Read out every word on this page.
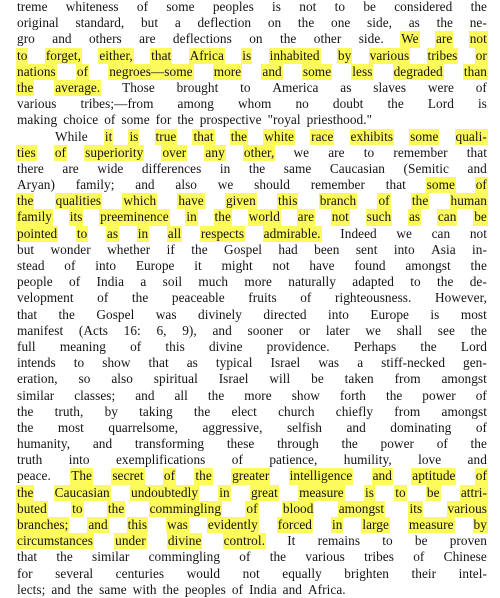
treme whiteness of some peoples is not to be considered the
original standard, but a deflection on the one side, as the ne-
gro and others are deflections on the other side. We are not
to forget, either, that Africa is inhabited by various tribes or
nations of negroes—some more and some less degraded than
the average. Those brought to America as slaves were of
various tribes;—from among whom no doubt the Lord is
making choice of some for the prospective "royal priesthood."
While it is true that the white race exhibits some quali-
ties of superiority over any other, we are to remember that
there are wide differences in the same Caucasian (Semitic and
Aryan) family; and also we should remember that some of
the qualities which have given this branch of the human
family its preeminence in the world are not such as can be
pointed to as in all respects admirable. Indeed we can not
but wonder whether if the Gospel had been sent into Asia in-
stead of into Europe it might not have found amongst the
people of India a soil much more naturally adapted to the de-
velopment of the peaceable fruits of righteousness. However,
that the Gospel was divinely directed into Europe is most
manifest (Acts 16: 6, 9), and sooner or later we shall see the
full meaning of this divine providence. Perhaps the Lord
intends to show that as typical Israel was a stiff-necked gen-
eration, so also spiritual Israel will be taken from amongst
similar classes; and all the more show forth the power of
the truth, by taking the elect church chiefly from amongst
the most quarrelsome, aggressive, selfish and dominating of
humanity, and transforming these through the power of the
truth into exemplifications of patience, humility, love and
peace. The secret of the greater intelligence and aptitude of
the Caucasian undoubtedly in great measure is to be attri-
buted to the commingling of blood amongst its various
branches; and this was evidently forced in large measure by
circumstances under divine control. It remains to be proven
that the similar commingling of the various tribes of Chinese
for several centuries would not equally brighten their intel-
lects; and the same with the peoples of India and Africa.
